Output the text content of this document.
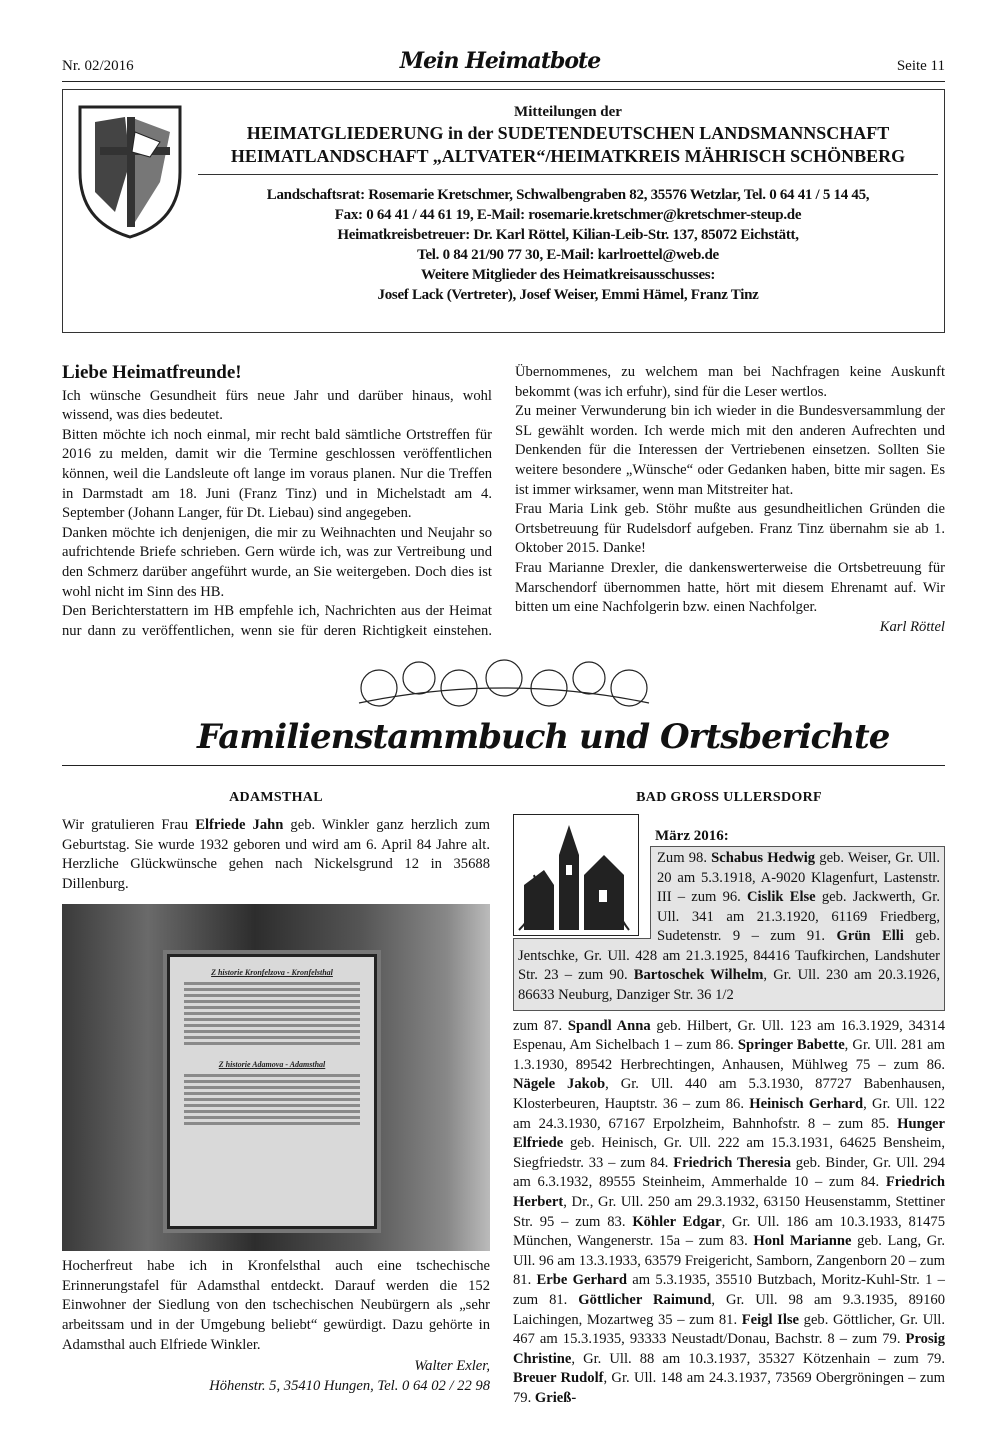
Nr. 02/2016	Mein Heimatbote	Seite 11
Mitteilungen der
HEIMATGLIEDERUNG in der SUDETENDEUTSCHEN LANDSMANNSCHAFT
HEIMATLANDSCHAFT „ALTVATER“/HEIMATKREIS MÄHRISCH SCHÖNBERG
Landschaftsrat: Rosemarie Kretschmer, Schwalbengraben 82, 35576 Wetzlar, Tel. 0 64 41 / 5 14 45,
Fax: 0 64 41 / 44 61 19, E-Mail: rosemarie.kretschmer@kretschmer-steup.de
Heimatkreisbetreuer: Dr. Karl Röttel, Kilian-Leib-Str. 137, 85072 Eichstätt,
Tel. 0 84 21/90 77 30, E-Mail: karlroettel@web.de
Weitere Mitglieder des Heimatkreisausschusses:
Josef Lack (Vertreter), Josef Weiser, Emmi Hämel, Franz Tinz
Liebe Heimatfreunde!

Ich wünsche Gesundheit fürs neue Jahr und darüber hinaus, wohl wissend, was dies bedeutet.

Bitten möchte ich noch einmal, mir recht bald sämtliche Ortstreffen für 2016 zu melden, damit wir die Termine geschlossen veröffentlichen können, weil die Landsleute oft lange im voraus planen. Nur die Treffen in Darmstadt am 18. Juni (Franz Tinz) und in Michelstadt am 4. September (Johann Langer, für Dt. Liebau) sind angegeben.

Danken möchte ich denjenigen, die mir zu Weihnachten und Neujahr so aufrichtende Briefe schrieben. Gern würde ich, was zur Vertreibung und den Schmerz darüber angeführt wurde, an Sie weitergeben. Doch dies ist wohl nicht im Sinn des HB.

Den Berichterstattern im HB empfehle ich, Nachrichten aus der Heimat nur dann zu veröffentlichen, wenn sie für deren Richtigkeit einstehen. Übernommenes, zu welchem man bei Nachfragen keine Auskunft bekommt (was ich erfuhr), sind für die Leser wertlos.

Zu meiner Verwunderung bin ich wieder in die Bundesversammlung der SL gewählt worden. Ich werde mich mit den anderen Aufrechten und Denkenden für die Interessen der Vertriebenen einsetzen. Sollten Sie weitere besondere „Wünsche“ oder Gedanken haben, bitte mir sagen. Es ist immer wirksamer, wenn man Mitstreiter hat.

Frau Maria Link geb. Stöhr mußte aus gesundheitlichen Gründen die Ortsbetreuung für Rudelsdorf aufgeben. Franz Tinz übernahm sie ab 1. Oktober 2015. Danke!

Frau Marianne Drexler, die dankenswerterweise die Ortsbetreuung für Marschendorf übernommen hatte, hört mit diesem Ehrenamt auf. Wir bitten um eine Nachfolgerin bzw. einen Nachfolger.

Karl Röttel
Familienstammbuch und Ortsberichte
ADAMSTHAL

Wir gratulieren Frau Elfriede Jahn geb. Winkler ganz herzlich zum Geburtstag. Sie wurde 1932 geboren und wird am 6. April 84 Jahre alt. Herzliche Glückwünsche gehen nach Nickelsgrund 12 in 35688 Dillenburg.

Z historie Kronfelzova - Kronfelsthal
Z historie Adamova - Adamsthal

Hocherfreut habe ich in Kronfelsthal auch eine tschechische Erinnerungstafel für Adamsthal entdeckt. Darauf werden die 152 Einwohner der Siedlung von den tschechischen Neubürgern als „sehr arbeitssam und in der Umgebung beliebt“ gewürdigt. Dazu gehörte in Adamsthal auch Elfriede Winkler.

Walter Exler,
Höhenstr. 5, 35410 Hungen, Tel. 0 64 02 / 22 98
BAD GROSS ULLERSDORF
März 2016:
Zum 98. Schabus Hedwig geb. Weiser, Gr. Ull. 20 am 5.3.1918, A-9020 Klagenfurt, Lastenstr. III – zum 96. Cislik Else geb. Jackwerth, Gr. Ull. 341 am 21.3.1920, 61169 Friedberg, Sudetenstr. 9 – zum 91. Grün Elli geb. Jentschke, Gr. Ull. 428 am 21.3.1925, 84416 Taufkirchen, Landshuter Str. 23 – zum 90. Bartoschek Wilhelm, Gr. Ull. 230 am 20.3.1926, 86633 Neuburg, Danziger Str. 36 1/2

zum 87. Spandl Anna geb. Hilbert, Gr. Ull. 123 am 16.3.1929, 34314 Espenau, Am Sichelbach 1 – zum 86. Springer Babette, Gr. Ull. 281 am 1.3.1930, 89542 Herbrechtingen, Anhausen, Mühlweg 75 – zum 86. Nägele Jakob, Gr. Ull. 440 am 5.3.1930, 87727 Babenhausen, Klosterbeuren, Hauptstr. 36 – zum 86. Heinisch Gerhard, Gr. Ull. 122 am 24.3.1930, 67167 Erpolzheim, Bahnhofstr. 8 – zum 85. Hunger Elfriede geb. Heinisch, Gr. Ull. 222 am 15.3.1931, 64625 Bensheim, Siegfriedstr. 33 – zum 84. Friedrich Theresia geb. Binder, Gr. Ull. 294 am 6.3.1932, 89555 Steinheim, Ammerhalde 10 – zum 84. Friedrich Herbert, Dr., Gr. Ull. 250 am 29.3.1932, 63150 Heusenstamm, Stettiner Str. 95 – zum 83. Köhler Edgar, Gr. Ull. 186 am 10.3.1933, 81475 München, Wangenerstr. 15a – zum 83. Honl Marianne geb. Lang, Gr. Ull. 96 am 13.3.1933, 63579 Freigericht, Samborn, Zangenborn 20 – zum 81. Erbe Gerhard am 5.3.1935, 35510 Butzbach, Moritz-Kuhl-Str. 1 – zum 81. Göttlicher Raimund, Gr. Ull. 98 am 9.3.1935, 89160 Laichingen, Mozartweg 35 – zum 81. Feigl Ilse geb. Göttlicher, Gr. Ull. 467 am 15.3.1935, 93333 Neustadt/Donau, Bachstr. 8 – zum 79. Prosig Christine, Gr. Ull. 88 am 10.3.1937, 35327 Kötzenhain – zum 79. Breuer Rudolf, Gr. Ull. 148 am 24.3.1937, 73569 Obergröningen – zum 79. Grieß-
